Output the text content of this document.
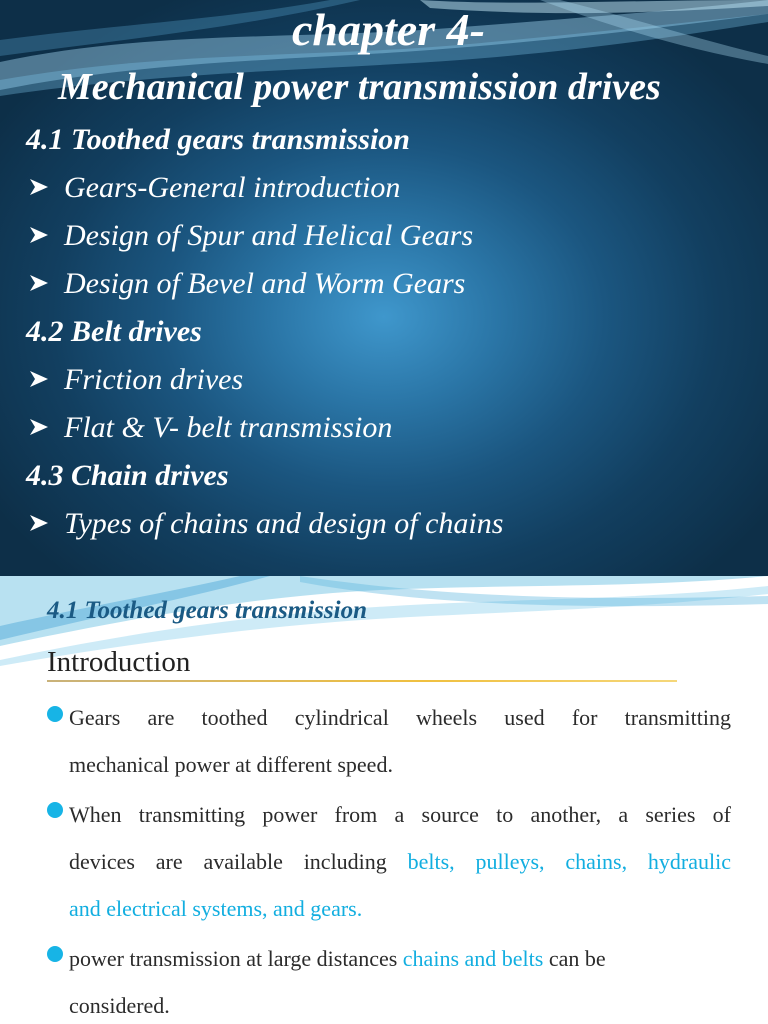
chapter 4-
Mechanical power transmission drives
4.1 Toothed gears transmission
Gears-General introduction
Design of Spur and Helical Gears
Design of Bevel and Worm Gears
4.2 Belt drives
Friction drives
Flat & V- belt transmission
4.3 Chain drives
Types of chains and design of chains
4.1 Toothed gears transmission
Introduction
Gears are toothed cylindrical wheels used for transmitting
mechanical power at different speed.
When transmitting power from a source to another, a series of
devices are available including belts, pulleys, chains, hydraulic
and electrical systems, and gears.
power transmission at large distances chains and belts can be
considered.
